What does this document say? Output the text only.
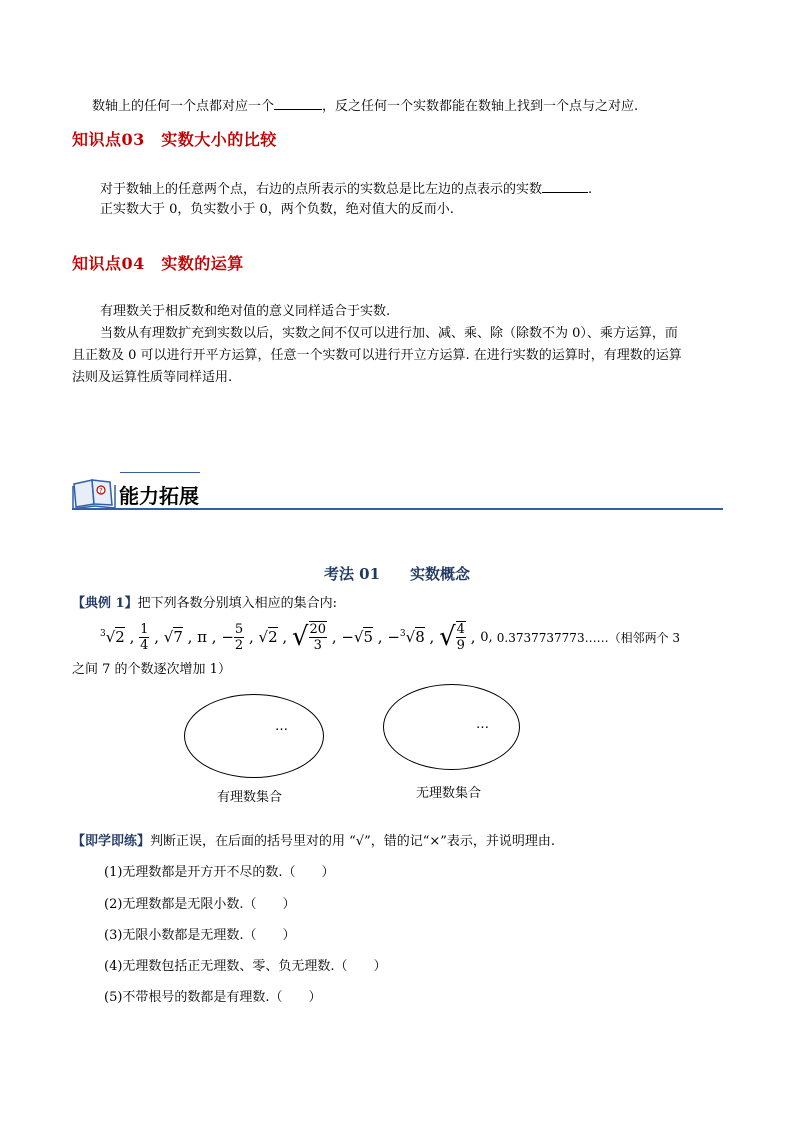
数轴上的任何一个点都对应一个	，反之任何一个实数都能在数轴上找到一个点与之对应.
知识点03　实数大小的比较
对于数轴上的任意两个点，右边的点所表示的实数总是比左边的点表示的实数	.
正实数大于 0，负实数小于 0，两个负数，绝对值大的反而小.
知识点04　实数的运算
有理数关于相反数和绝对值的意义同样适合于实数.
当数从有理数扩充到实数以后，实数之间不仅可以进行加、减、乘、除（除数不为 0）、乘方运算，而
且正数及 0 可以进行开平方运算，任意一个实数可以进行开立方运算. 在进行实数的运算时，有理数的运算
法则及运算性质等同样适用.
? 能力拓展
考法 01　　实数概念
【典例 1】把下列各数分别填入相应的集合内:
$^3$√2 , $\frac{1}{4}$ , √7 , π , − $\frac{5}{2}$ , √2 , √ $\frac{20}{3}$ , − √5 , − $^3$√8 , √ $\frac{4}{9}$ , 0 , 0.3737737773……（相邻两个 3
之间 7 的个数逐次增加 1）
…
有理数集合
…
无理数集合
【即学即练】判断正误，在后面的括号里对的用 “√”，错的记“×”表示，并说明理由.
(1)无理数都是开方开不尽的数.（　　）
(2)无理数都是无限小数.（　　）
(3)无限小数都是无理数.（　　）
(4)无理数包括正无理数、零、负无理数.（　　）
(5)不带根号的数都是有理数.（　　）
